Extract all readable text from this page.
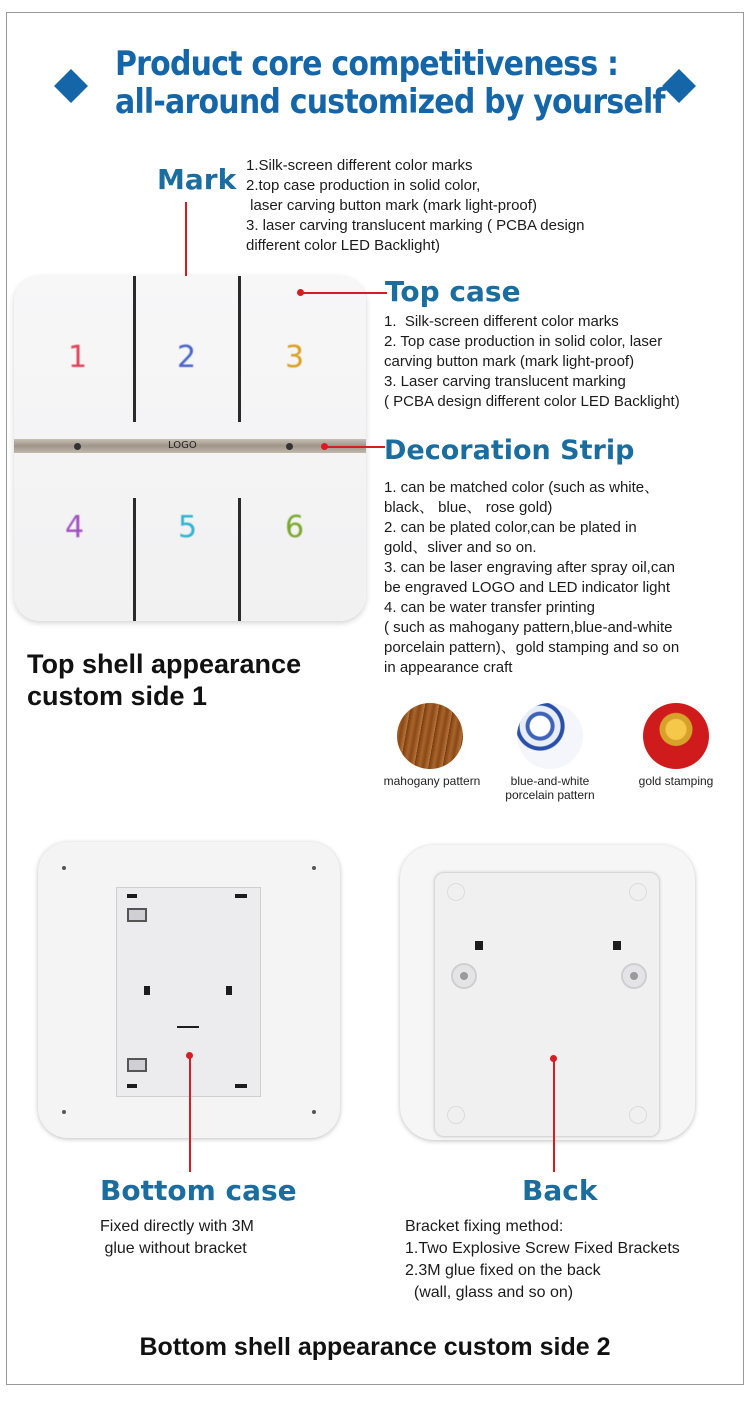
Product core competitiveness :
all-around customized by yourself
Mark 1.Silk-screen different color marks
2.top case production in solid color,
laser carving button mark (mark light-proof)
3. laser carving translucent marking ( PCBA design
different color LED Backlight)
1	2	3
LOGO
4	5	6
Top case
1.  Silk-screen different color marks
2. Top case production in solid color, laser
carving button mark (mark light-proof)
3. Laser carving translucent marking
( PCBA design different color LED Backlight)
Decoration Strip
1. can be matched color (such as white、
black、 blue、 rose gold)
2. can be plated color,can be plated in
gold、sliver and so on.
3. can be laser engraving after spray oil,can
be engraved LOGO and LED indicator light
4. can be water transfer printing
( such as mahogany pattern,blue-and-white
porcelain pattern)、gold stamping and so on
in appearance craft
Top shell appearance
custom side 1
mahogany pattern	blue-and-white
porcelain pattern
gold stamping
Bottom case
Fixed directly with 3M
glue without bracket
Back
Bracket fixing method:
1.Two Explosive Screw Fixed Brackets
2.3M glue fixed on the back
(wall, glass and so on)
Bottom shell appearance custom side 2
